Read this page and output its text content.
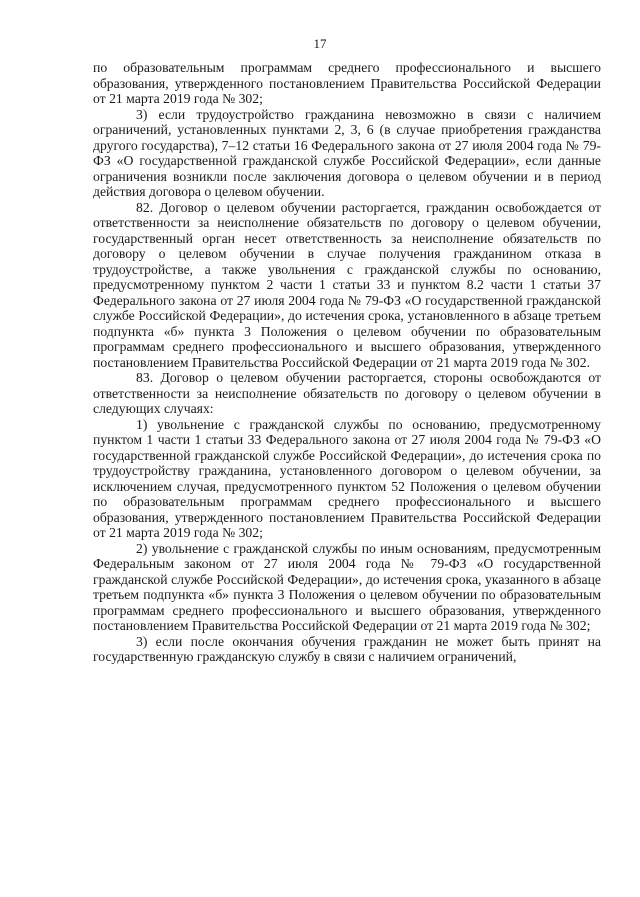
17

по образовательным программам среднего профессионального и высшего образования, утвержденного постановлением Правительства Российской Федерации от 21 марта 2019 года № 302;

3) если трудоустройство гражданина невозможно в связи с наличием ограничений, установленных пунктами 2, 3, 6 (в случае приобретения гражданства другого государства), 7–12 статьи 16 Федерального закона от 27 июля 2004 года № 79-ФЗ «О государственной гражданской службе Российской Федерации», если данные ограничения возникли после заключения договора о целевом обучении и в период действия договора о целевом обучении.

82. Договор о целевом обучении расторгается, гражданин освобождается от ответственности за неисполнение обязательств по договору о целевом обучении, государственный орган несет ответственность за неисполнение обязательств по договору о целевом обучении в случае получения гражданином отказа в трудоустройстве, а также увольнения с гражданской службы по основанию, предусмотренному пунктом 2 части 1 статьи 33 и пунктом 8.2 части 1 статьи 37 Федерального закона от 27 июля 2004 года № 79-ФЗ «О государственной гражданской службе Российской Федерации», до истечения срока, установленного в абзаце третьем подпункта «б» пункта 3 Положения о целевом обучении по образовательным программам среднего профессионального и высшего образования, утвержденного постановлением Правительства Российской Федерации от 21 марта 2019 года № 302.

83. Договор о целевом обучении расторгается, стороны освобождаются от ответственности за неисполнение обязательств по договору о целевом обучении в следующих случаях:

1) увольнение с гражданской службы по основанию, предусмотренному пунктом 1 части 1 статьи 33 Федерального закона от 27 июля 2004 года № 79-ФЗ «О государственной гражданской службе Российской Федерации», до истечения срока по трудоустройству гражданина, установленного договором о целевом обучении, за исключением случая, предусмотренного пунктом 52 Положения о целевом обучении по образовательным программам среднего профессионального и высшего образования, утвержденного постановлением Правительства Российской Федерации от 21 марта 2019 года № 302;

2) увольнение с гражданской службы по иным основаниям, предусмотренным Федеральным законом от 27 июля 2004 года № 79-ФЗ «О государственной гражданской службе Российской Федерации», до истечения срока, указанного в абзаце третьем подпункта «б» пункта 3 Положения о целевом обучении по образовательным программам среднего профессионального и высшего образования, утвержденного постановлением Правительства Российской Федерации от 21 марта 2019 года № 302;

3) если после окончания обучения гражданин не может быть принят на государственную гражданскую службу в связи с наличием ограничений,
